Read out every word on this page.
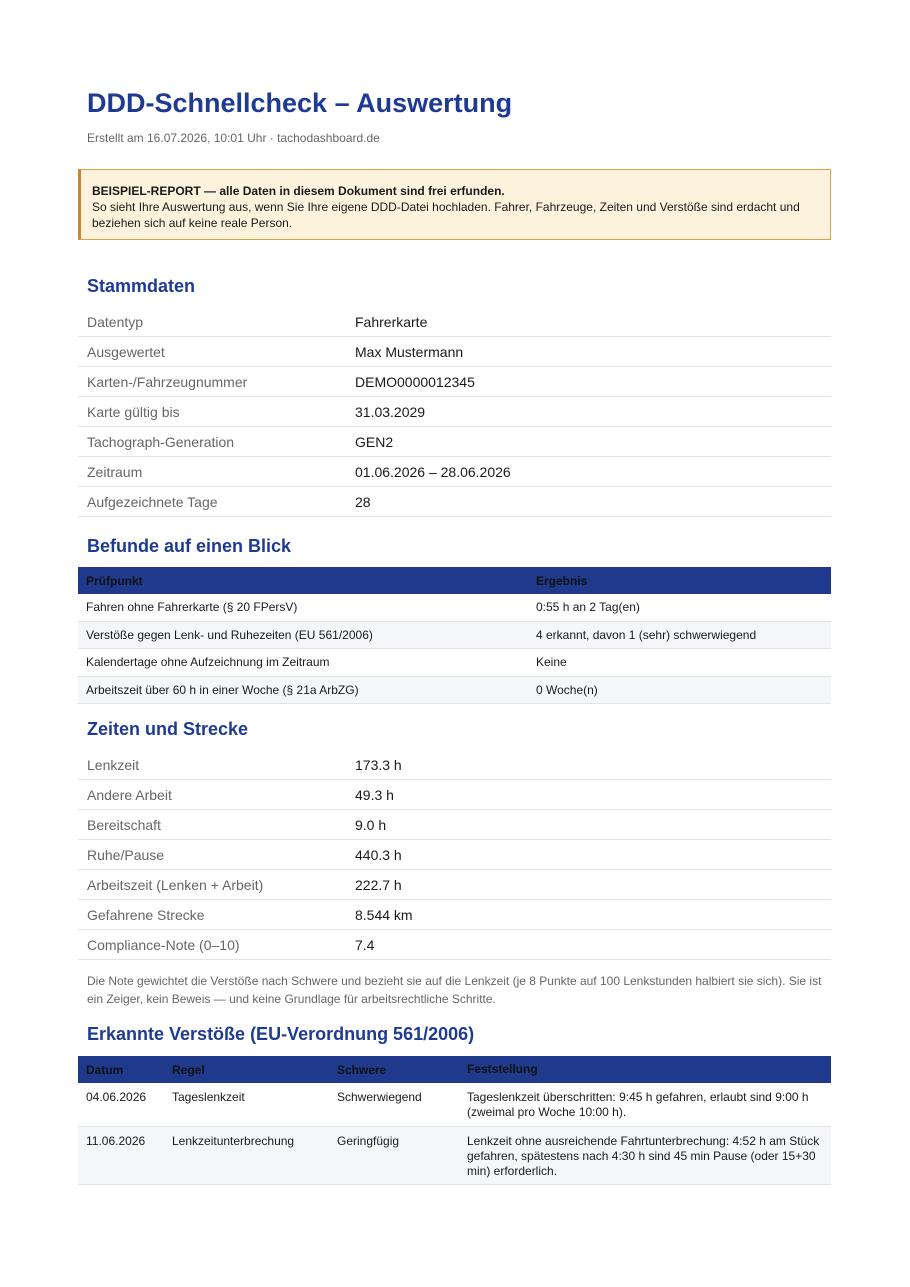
DDD-Schnellcheck – Auswertung
Erstellt am 16.07.2026, 10:01 Uhr · tachodashboard.de
BEISPIEL-REPORT — alle Daten in diesem Dokument sind frei erfunden.
So sieht Ihre Auswertung aus, wenn Sie Ihre eigene DDD-Datei hochladen. Fahrer, Fahrzeuge, Zeiten und Verstöße sind erdacht und beziehen sich auf keine reale Person.
Stammdaten
Datentyp	Fahrerkarte
Ausgewertet	Max Mustermann
Karten-/Fahrzeugnummer	DEMO0000012345
Karte gültig bis	31.03.2029
Tachograph-Generation	GEN2
Zeitraum	01.06.2026 – 28.06.2026
Aufgezeichnete Tage	28
Befunde auf einen Blick
Prüfpunkt	Ergebnis
Fahren ohne Fahrerkarte (§ 20 FPersV)	0:55 h an 2 Tag(en)
Verstöße gegen Lenk- und Ruhezeiten (EU 561/2006)	4 erkannt, davon 1 (sehr) schwerwiegend
Kalendertage ohne Aufzeichnung im Zeitraum	Keine
Arbeitszeit über 60 h in einer Woche (§ 21a ArbZG)	0 Woche(n)
Zeiten und Strecke
Lenkzeit	173.3 h
Andere Arbeit	49.3 h
Bereitschaft	9.0 h
Ruhe/Pause	440.3 h
Arbeitszeit (Lenken + Arbeit)	222.7 h
Gefahrene Strecke	8.544 km
Compliance-Note (0–10)	7.4
Die Note gewichtet die Verstöße nach Schwere und bezieht sie auf die Lenkzeit (je 8 Punkte auf 100 Lenkstunden halbiert sie sich). Sie ist ein Zeiger, kein Beweis — und keine Grundlage für arbeitsrechtliche Schritte.
Erkannte Verstöße (EU-Verordnung 561/2006)
Datum	Regel	Schwere	Feststellung
04.06.2026	Tageslenkzeit	Schwerwiegend	Tageslenkzeit überschritten: 9:45 h gefahren, erlaubt sind 9:00 h (zweimal pro Woche 10:00 h).
11.06.2026	Lenkzeitunterbrechung	Geringfügig	Lenkzeit ohne ausreichende Fahrtunterbrechung: 4:52 h am Stück gefahren, spätestens nach 4:30 h sind 45 min Pause (oder 15+30 min) erforderlich.
